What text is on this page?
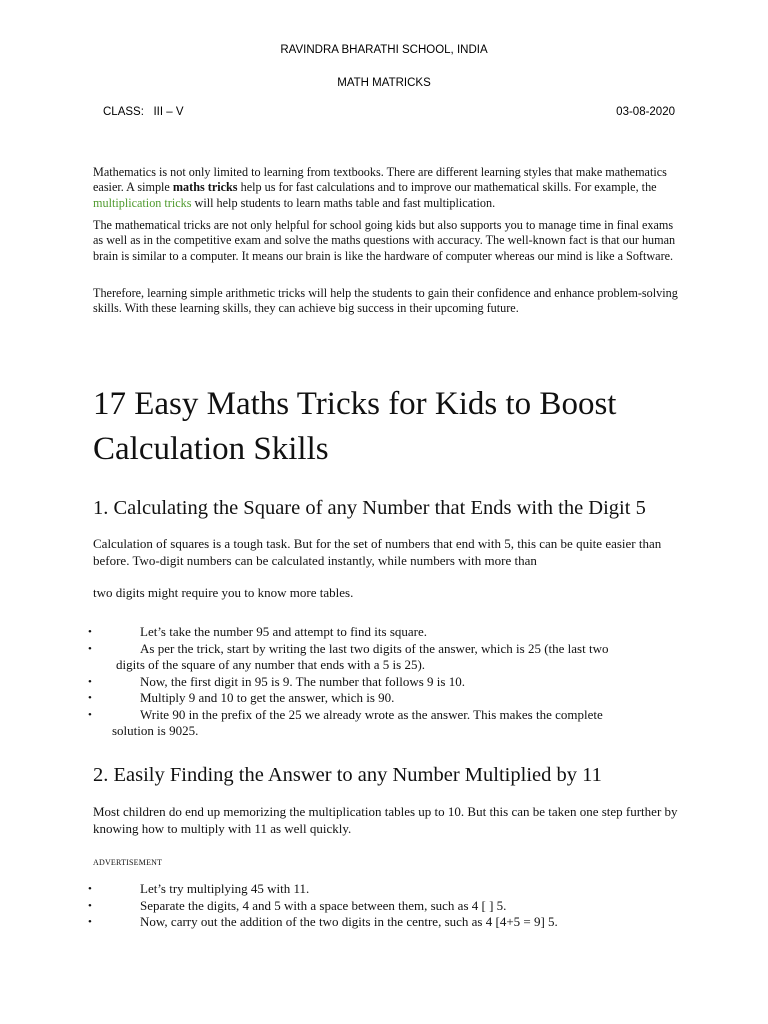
RAVINDRA BHARATHI SCHOOL, INDIA
MATH MATRICKS
CLASS:   III – V	03-08-2020

Mathematics is not only limited to learning from textbooks. There are different learning styles that make mathematics easier. A simple maths tricks help us for fast calculations and to improve our mathematical skills. For example, the multiplication tricks will help students to learn maths table and fast multiplication.

The mathematical tricks are not only helpful for school going kids but also supports you to manage time in final exams as well as in the competitive exam and solve the maths questions with accuracy. The well-known fact is that our human brain is similar to a computer. It means our brain is like the hardware of computer whereas our mind is like a Software.

Therefore, learning simple arithmetic tricks will help the students to gain their confidence and enhance problem-solving skills. With these learning skills, they can achieve big success in their upcoming future.

17 Easy Maths Tricks for Kids to Boost Calculation Skills
1. Calculating the Square of any Number that Ends with the Digit 5

Calculation of squares is a tough task. But for the set of numbers that end with 5, this can be quite easier than before. Two-digit numbers can be calculated instantly, while numbers with more than

two digits might require you to know more tables.

•	Let’s take the number 95 and attempt to find its square.
•	As per the trick, start by writing the last two digits of the answer, which is 25 (the last two
digits of the square of any number that ends with a 5 is 25).
•	Now, the first digit in 95 is 9. The number that follows 9 is 10.
•	Multiply 9 and 10 to get the answer, which is 90.
•	Write 90 in the prefix of the 25 we already wrote as the answer. This makes the complete
solution is 9025.
2. Easily Finding the Answer to any Number Multiplied by 11

Most children do end up memorizing the multiplication tables up to 10. But this can be taken one step further by knowing how to multiply with 11 as well quickly.

ADVERTISEMENT
•	Let’s try multiplying 45 with 11.
•	Separate the digits, 4 and 5 with a space between them, such as 4 [ ] 5.
•	Now, carry out the addition of the two digits in the centre, such as 4 [4+5 = 9] 5.
